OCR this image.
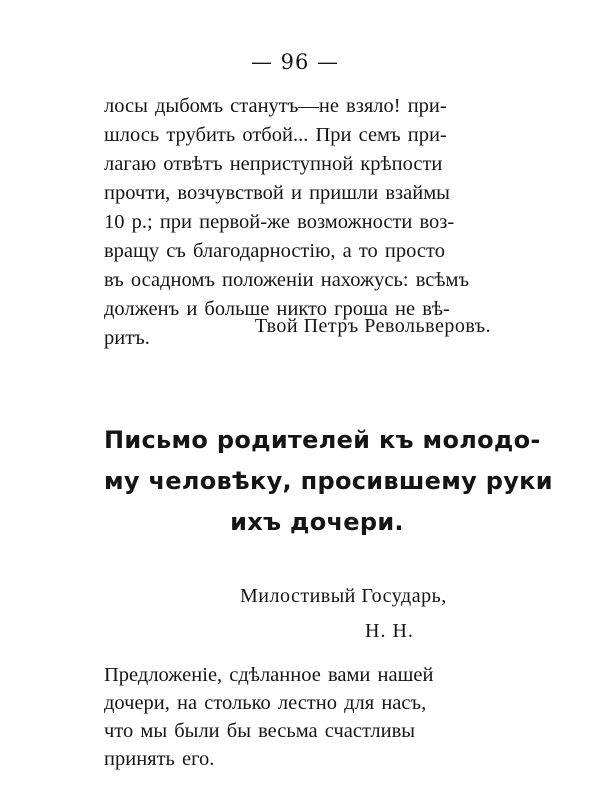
— 96 —

лосы дыбомъ станутъ—не взяло! при-
шлось трубить отбой... При семъ при-
лагаю отвѣтъ неприступной крѣпости
прочти, возчувствой и пришли взаймы
10 р.; при первой-же возможности воз-
вращу съ благодарностію, а то просто
въ осадномъ положеніи нахожусь: всѣмъ
долженъ и больше никто гроша не вѣ-
ритъ.

Твой Петръ Револьверовъ.

Письмо родителей къ молодо-
му человѣку, просившему руки
ихъ дочери.

Милостивый Государь,

Н. Н.

Предложеніе, сдѣланное вами нашей
дочери, на столько лестно для насъ,
что мы были бы весьма счастливы
принять его.
